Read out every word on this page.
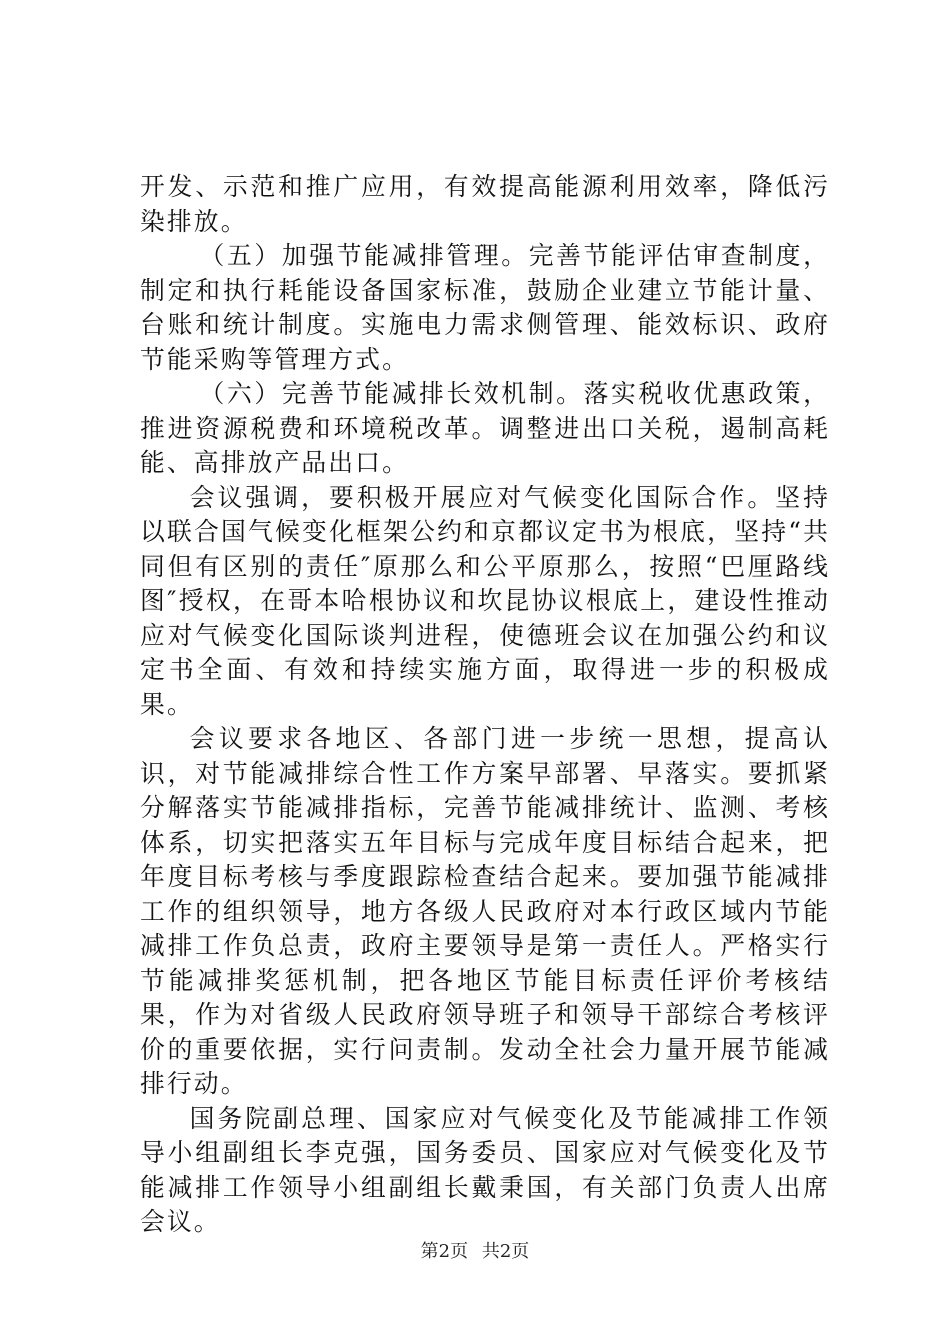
开发、示范和推广应用，有效提高能源利用效率，降低污染排放。

（五）加强节能减排管理。完善节能评估审查制度，制定和执行耗能设备国家标准，鼓励企业建立节能计量、台账和统计制度。实施电力需求侧管理、能效标识、政府节能采购等管理方式。

（六）完善节能减排长效机制。落实税收优惠政策，推进资源税费和环境税改革。调整进出口关税，遏制高耗能、高排放产品出口。

会议强调，要积极开展应对气候变化国际合作。坚持以联合国气候变化框架公约和京都议定书为根底，坚持“共同但有区别的责任″原那么和公平原那么，按照“巴厘路线图″授权，在哥本哈根协议和坎昆协议根底上，建设性推动应对气候变化国际谈判进程，使德班会议在加强公约和议定书全面、有效和持续实施方面，取得进一步的积极成果。

会议要求各地区、各部门进一步统一思想，提高认识，对节能减排综合性工作方案早部署、早落实。要抓紧分解落实节能减排指标，完善节能减排统计、监测、考核体系，切实把落实五年目标与完成年度目标结合起来，把年度目标考核与季度跟踪检查结合起来。要加强节能减排工作的组织领导，地方各级人民政府对本行政区域内节能减排工作负总责，政府主要领导是第一责任人。严格实行节能减排奖惩机制，把各地区节能目标责任评价考核结果，作为对省级人民政府领导班子和领导干部综合考核评价的重要依据，实行问责制。发动全社会力量开展节能减排行动。

国务院副总理、国家应对气候变化及节能减排工作领导小组副组长李克强，国务委员、国家应对气候变化及节能减排工作领导小组副组长戴秉国，有关部门负责人出席会议。

第2页 共2页
